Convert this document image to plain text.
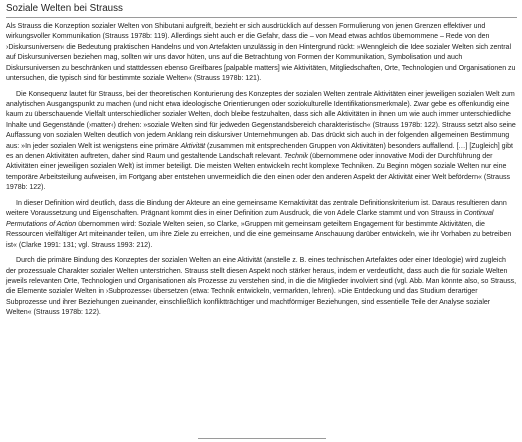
Soziale Welten bei Strauss

Als Strauss die Konzeption sozialer Welten von Shibutani aufgreift, bezieht er sich ausdrücklich auf dessen Formulierung von jenen Grenzen effektiver und wirkungsvoller Kommunikation (Strauss 1978b: 119). Allerdings sieht auch er die Gefahr, dass die – von Mead etwas achtlos übernommene – Rede von den ›Diskursuniversen‹ die Bedeutung praktischen Handelns und von Artefakten unzulässig in den Hintergrund rückt: »Wenngleich die Idee sozialer Welten sich zentral auf Diskursuniversen beziehen mag, sollten wir uns davor hüten, uns auf die Betrachtung von Formen der Kommunikation, Symbolisation und auch Diskursuniversen zu beschränken und stattdessen ebenso Greifbares [palpable matters] wie Aktivitäten, Mitgliedschaften, Orte, Technologien und Organisationen zu untersuchen, die typisch sind für bestimmte soziale Welten« (Strauss 1978b: 121).

Die Konsequenz lautet für Strauss, bei der theoretischen Konturierung des Konzeptes der sozialen Welten zentrale Aktivitäten einer jeweiligen sozialen Welt zum analytischen Ausgangspunkt zu machen (und nicht etwa ideologische Orientierungen oder soziokulturelle Identifikationsmerkmale). Zwar gebe es offenkundig eine kaum zu überschauende Vielfalt unterschiedlicher sozialer Welten, doch bleibe festzuhalten, dass sich alle Aktivitäten in ihnen um wie auch immer unterschiedliche Inhalte und Gegenstände (›matter‹) drehen: »soziale Welten sind für jedweden Gegenstandsbereich charakteristisch« (Strauss 1978b: 122). Strauss setzt also seine Auffassung von sozialen Welten deutlich von jedem Anklang rein diskursiver Unternehmungen ab. Das drückt sich auch in der folgenden allgemeinen Bestimmung aus: »In jeder sozialen Welt ist wenigstens eine primäre Aktivität (zusammen mit entsprechenden Gruppen von Aktivitäten) besonders auffallend. […] [Zugleich] gibt es an denen Aktivitäten auftreten, daher sind Raum und gestaltende Landschaft relevant. Technik (übernommene oder innovative Modi der Durchführung der Aktivitäten einer jeweiligen sozialen Welt) ist immer beteiligt. Die meisten Welten entwickeln recht komplexe Techniken. Zu Beginn mögen soziale Welten nur eine temporäre Arbeitsteilung aufweisen, im Fortgang aber entstehen unvermeidlich die den einen oder den anderen Aspekt der Aktivität einer Welt befördern« (Strauss 1978b: 122).

In dieser Definition wird deutlich, dass die Bindung der Akteure an eine gemeinsame Kernaktivität das zentrale Definitionskriterium ist. Daraus resultieren dann weitere Voraussetzung und Eigenschaften. Prägnant kommt dies in einer Definition zum Ausdruck, die von Adele Clarke stammt und von Strauss in Continual Permutations of Action übernommen wird: Soziale Welten seien, so Clarke, »Gruppen mit gemeinsam geteiltem Engagement für bestimmte Aktivitäten, die Ressourcen vielfältiger Art miteinander teilen, um ihre Ziele zu erreichen, und die eine gemeinsame Anschauung darüber entwickeln, wie ihr Vorhaben zu betreiben ist« (Clarke 1991: 131; vgl. Strauss 1993: 212).

Durch die primäre Bindung des Konzeptes der sozialen Welten an eine Aktivität (anstelle z. B. eines technischen Artefaktes oder einer Ideologie) wird zugleich der prozessuale Charakter sozialer Welten unterstrichen. Strauss stellt diesen Aspekt noch stärker heraus, indem er verdeutlicht, dass auch die für soziale Welten jeweils relevanten Orte, Technologien und Organisationen als Prozesse zu verstehen sind, in die die Mitglieder involviert sind (vgl. Abb. Man könnte also, so Strauss, die Elemente sozialer Welten in ›Subprozesse‹ übersetzen (etwa: Technik entwickeln, vermarkten, lehren). »Die Entdeckung und das Studium derartiger Subprozesse und ihrer Beziehungen zueinander, einschließlich konfliktträchtiger und machtförmiger Beziehungen, sind essentielle Teile der Analyse sozialer Welten« (Strauss 1978b: 122).
